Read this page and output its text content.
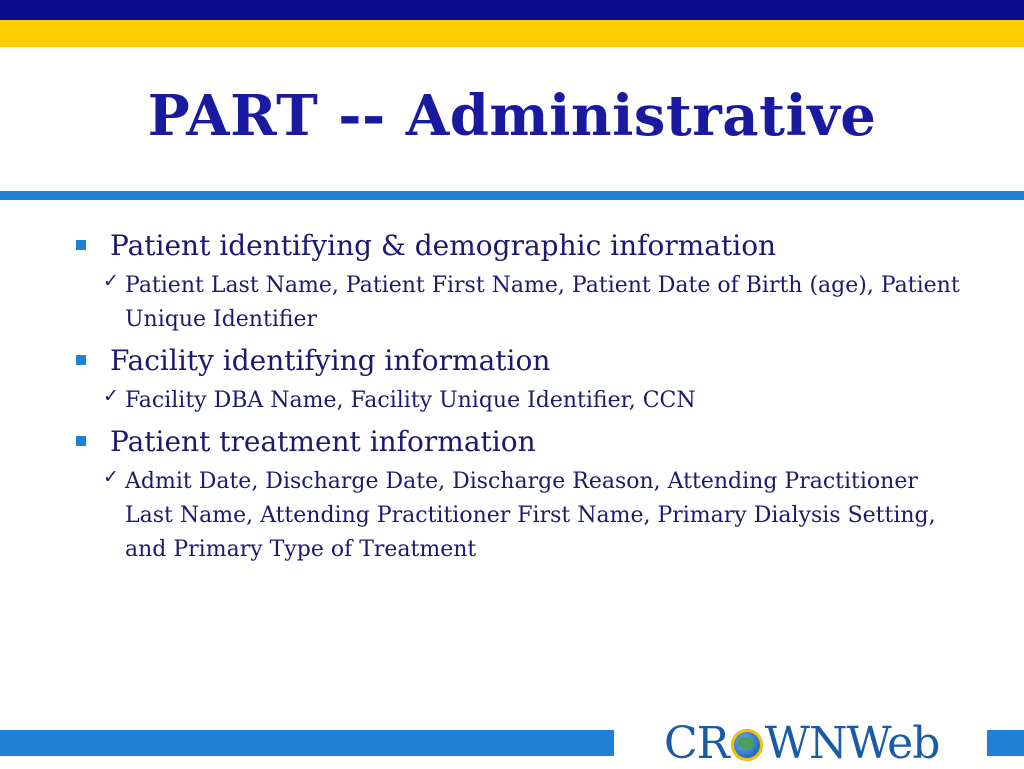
PART -- Administrative
Patient identifying & demographic information
✓ Patient Last Name, Patient First Name, Patient Date of Birth (age), Patient Unique Identifier
Facility identifying information
✓ Facility DBA Name, Facility Unique Identifier, CCN
Patient treatment information
✓ Admit Date, Discharge Date, Discharge Reason, Attending Practitioner Last Name, Attending Practitioner First Name, Primary Dialysis Setting, and Primary Type of Treatment
CR WNWeb
